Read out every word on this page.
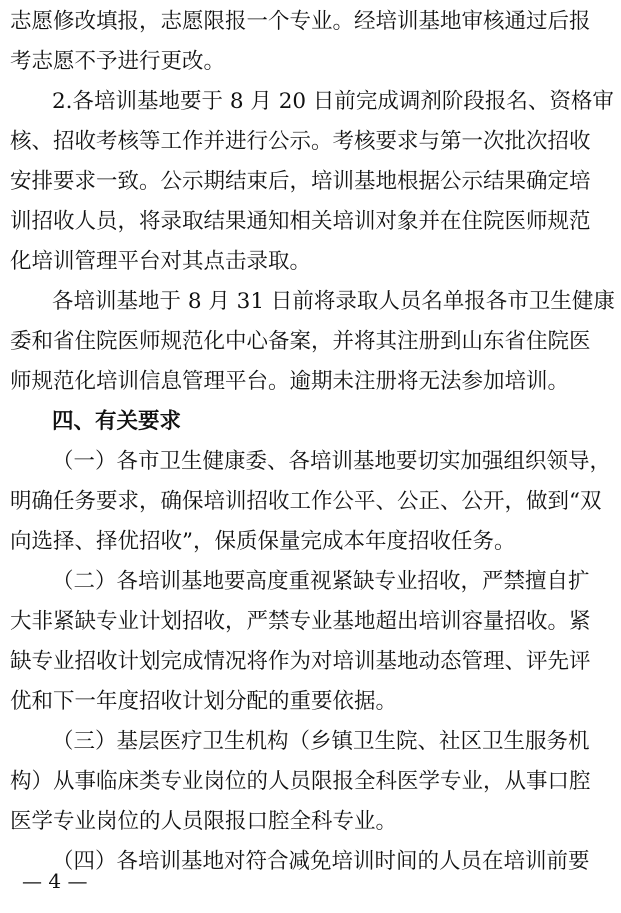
志愿修改填报，志愿限报一个专业。经培训基地审核通过后报
考志愿不予进行更改。
2.各培训基地要于 8 月 20 日前完成调剂阶段报名、资格审
核、招收考核等工作并进行公示。考核要求与第一次批次招收
安排要求一致。公示期结束后，培训基地根据公示结果确定培
训招收人员，将录取结果通知相关培训对象并在住院医师规范
化培训管理平台对其点击录取。
各培训基地于 8 月 31 日前将录取人员名单报各市卫生健康
委和省住院医师规范化中心备案，并将其注册到山东省住院医
师规范化培训信息管理平台。逾期未注册将无法参加培训。
四、有关要求
（一）各市卫生健康委、各培训基地要切实加强组织领导，
明确任务要求，确保培训招收工作公平、公正、公开，做到“双
向选择、择优招收”，保质保量完成本年度招收任务。
（二）各培训基地要高度重视紧缺专业招收，严禁擅自扩
大非紧缺专业计划招收，严禁专业基地超出培训容量招收。紧
缺专业招收计划完成情况将作为对培训基地动态管理、评先评
优和下一年度招收计划分配的重要依据。
（三）基层医疗卫生机构（乡镇卫生院、社区卫生服务机
构）从事临床类专业岗位的人员限报全科医学专业，从事口腔
医学专业岗位的人员限报口腔全科专业。
（四）各培训基地对符合减免培训时间的人员在培训前要
— 4 —
